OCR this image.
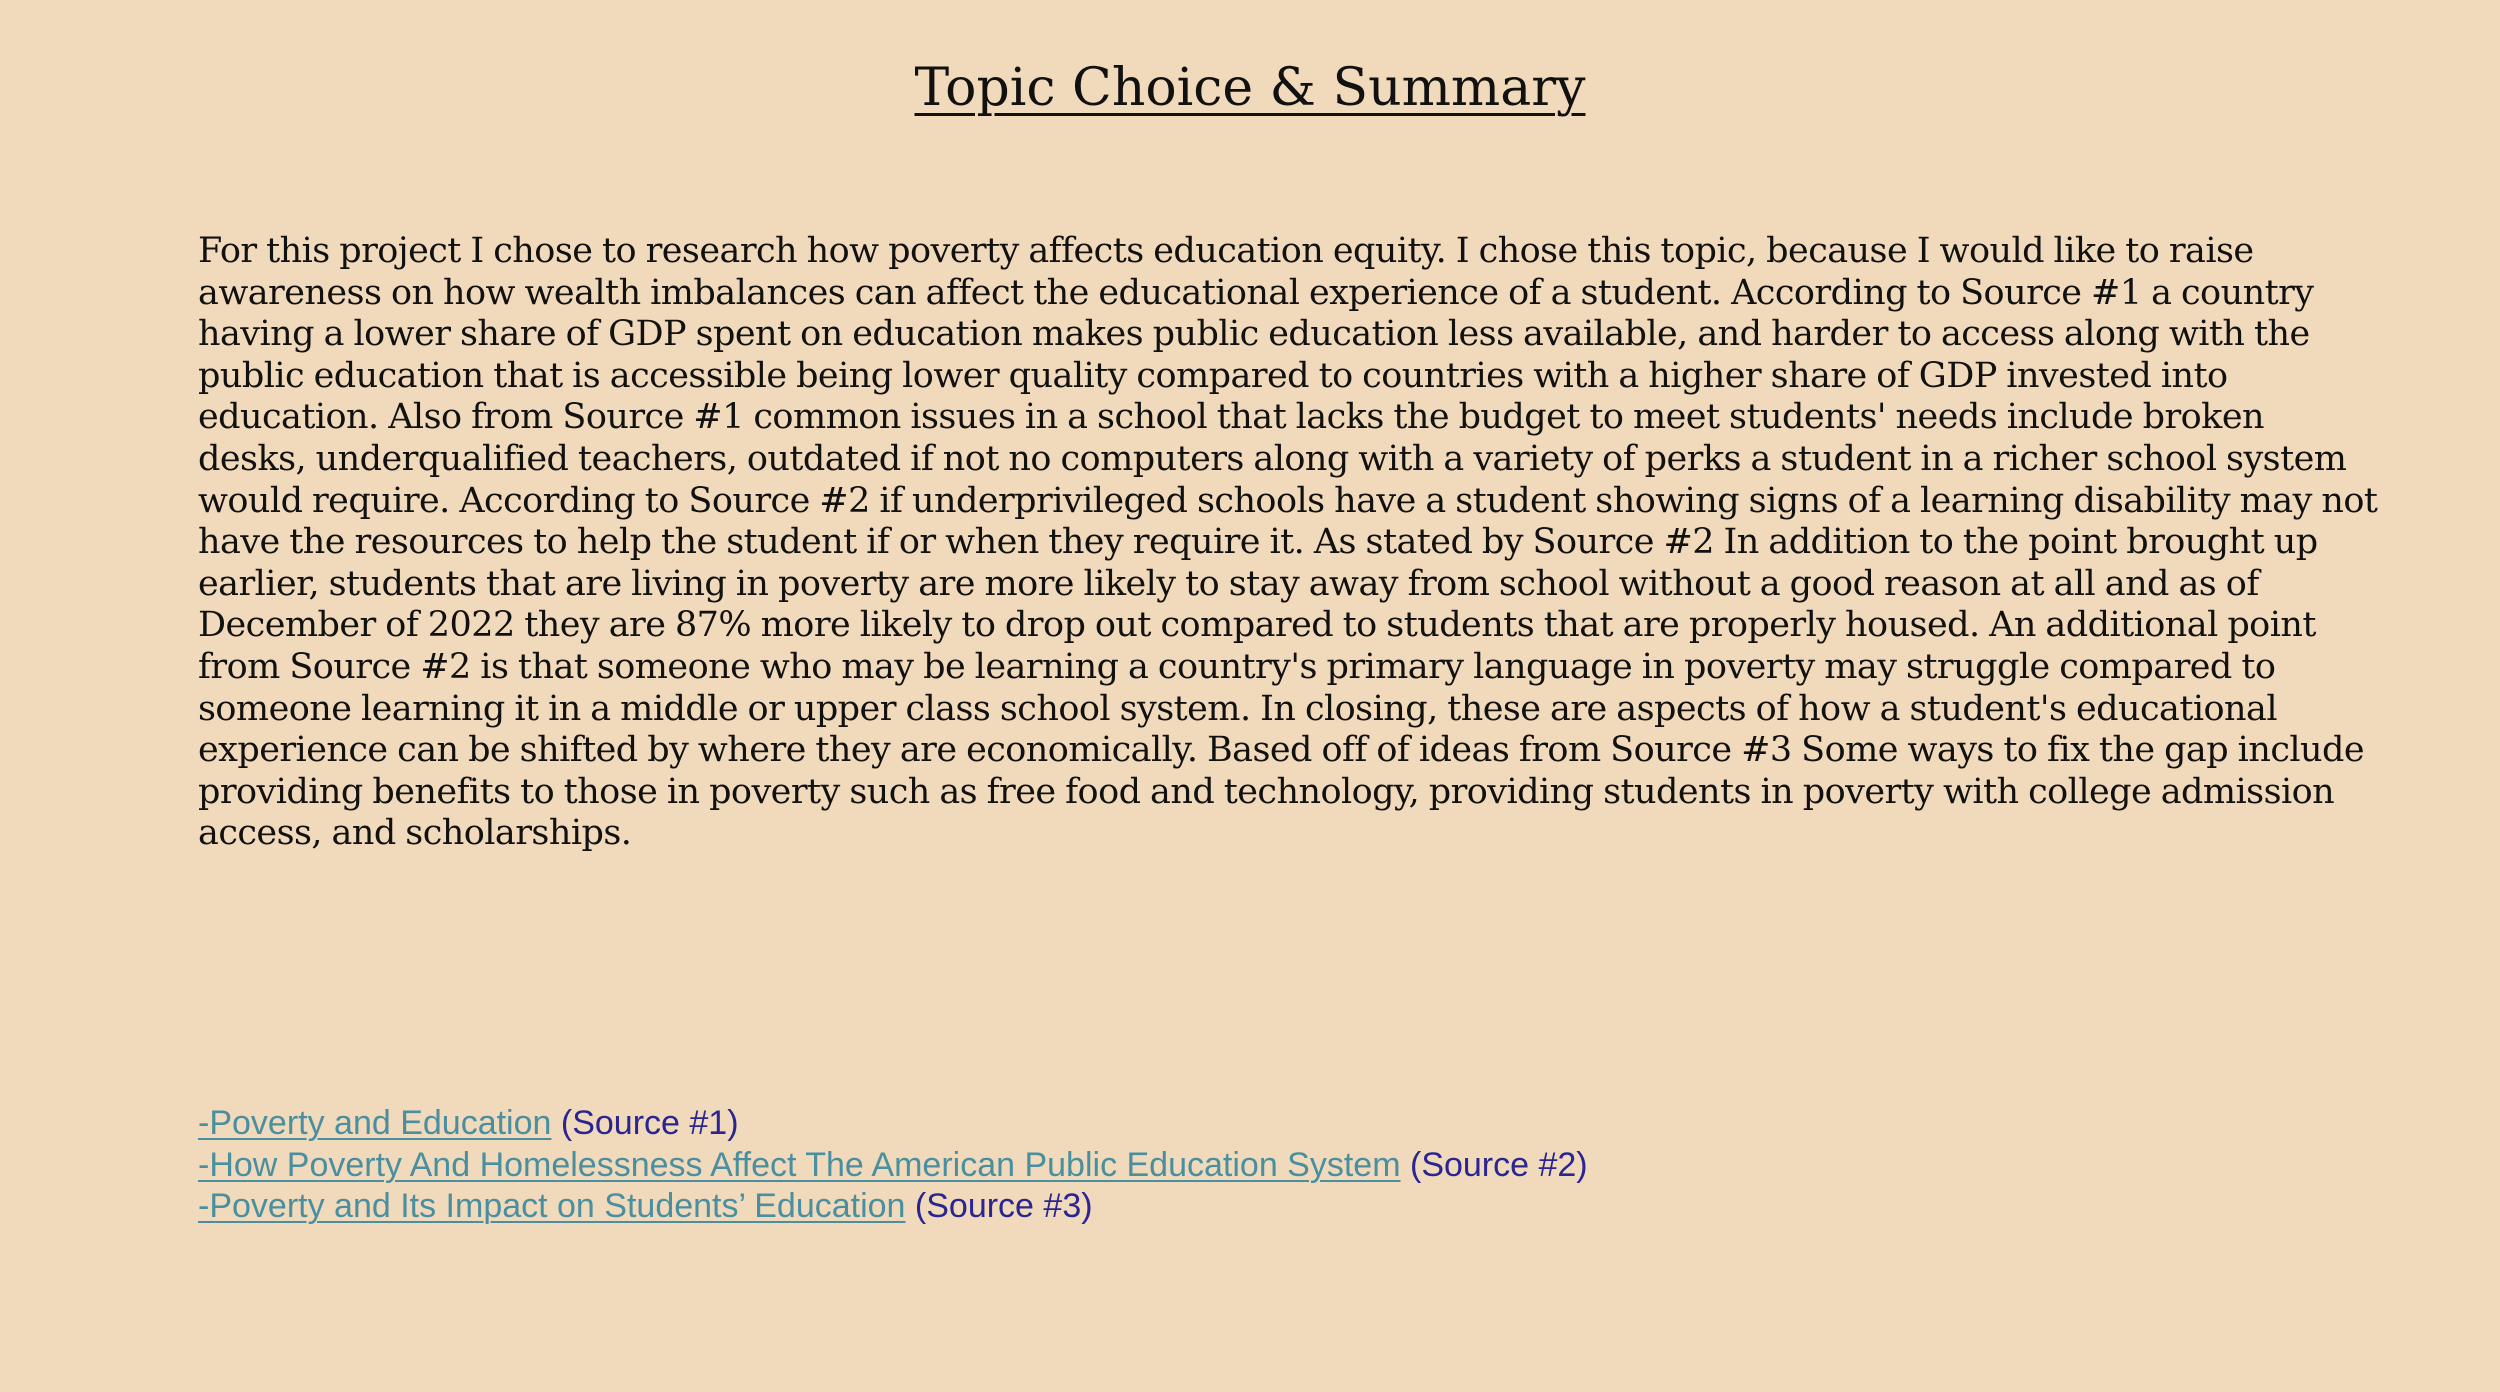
Topic Choice & Summary

For this project I chose to research how poverty affects education equity. I chose this topic, because I would like to raise awareness on how wealth imbalances can affect the educational experience of a student. According to Source #1 a country having a lower share of GDP spent on education makes public education less available, and harder to access along with the public education that is accessible being lower quality compared to countries with a higher share of GDP invested into education. Also from Source #1 common issues in a school that lacks the budget to meet students' needs include broken desks, underqualified teachers, outdated if not no computers along with a variety of perks a student in a richer school system would require. According to Source #2 if underprivileged schools have a student showing signs of a learning disability may not have the resources to help the student if or when they require it. As stated by Source #2 In addition to the point brought up earlier, students that are living in poverty are more likely to stay away from school without a good reason at all and as of December of 2022 they are 87% more likely to drop out compared to students that are properly housed. An additional point from Source #2 is that someone who may be learning a country's primary language in poverty may struggle compared to someone learning it in a middle or upper class school system. In closing, these are aspects of how a student's educational experience can be shifted by where they are economically. Based off of ideas from Source #3 Some ways to fix the gap include providing benefits to those in poverty such as free food and technology, providing students in poverty with college admission access, and scholarships.

-Poverty and Education (Source #1)
-How Poverty And Homelessness Affect The American Public Education System (Source #2)
-Poverty and Its Impact on Students’ Education (Source #3)
